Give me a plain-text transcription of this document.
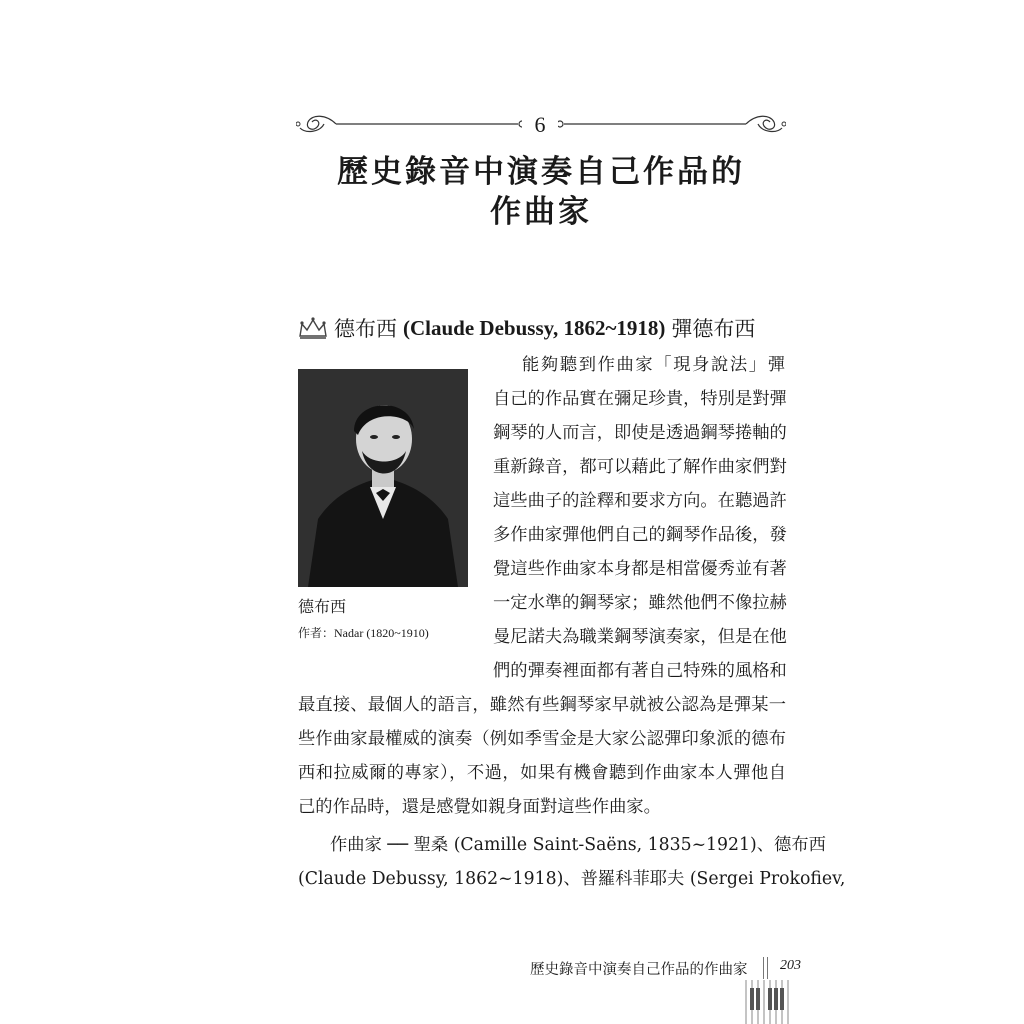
6
歷史錄音中演奏自己作品的
作曲家
德布西 (Claude Debussy, 1862~1918) 彈德布西
德布西
作者：Nadar (1820~1910)
能夠聽到作曲家「現身說法」彈
自己的作品實在彌足珍貴，特別是對彈
鋼琴的人而言，即使是透過鋼琴捲軸的
重新錄音，都可以藉此了解作曲家們對
這些曲子的詮釋和要求方向。在聽過許
多作曲家彈他們自己的鋼琴作品後，發
覺這些作曲家本身都是相當優秀並有著
一定水準的鋼琴家；雖然他們不像拉赫
曼尼諾夫為職業鋼琴演奏家，但是在他
們的彈奏裡面都有著自己特殊的風格和
最直接、最個人的語言，雖然有些鋼琴家早就被公認為是彈某一
些作曲家最權威的演奏（例如季雪金是大家公認彈印象派的德布
西和拉威爾的專家），不過，如果有機會聽到作曲家本人彈他自
己的作品時，還是感覺如親身面對這些作曲家。
作曲家 ── 聖桑 (Camille Saint-Saëns, 1835~1921)、德布西
(Claude Debussy, 1862~1918)、普羅科菲耶夫 (Sergei Prokofiev,
歷史錄音中演奏自己作品的作曲家 203
